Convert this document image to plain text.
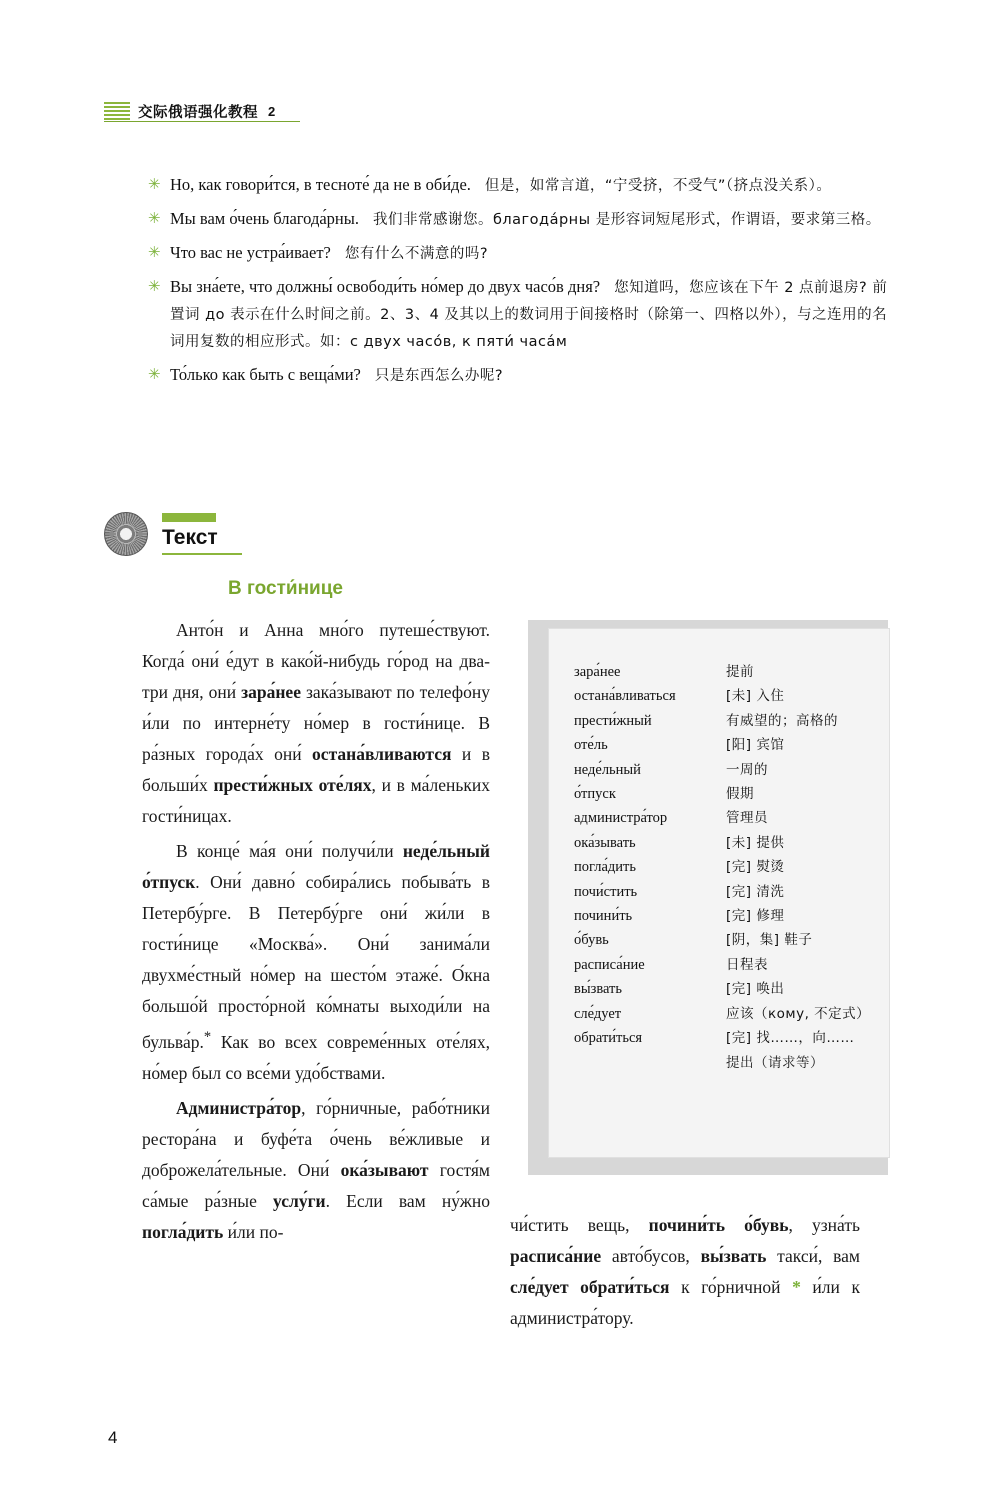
交际俄语强化教程 2
✳ Но, как говори́тся, в тесноте́ да не в оби́де. 但是，如常言道，“宁受挤，不受气”（挤点没关系）。
✳ Мы вам о́чень благода́рны. 我们非常感谢您。благода́рны 是形容词短尾形式，作谓语，要求第三格。
✳ Что вас не устра́ивает? 您有什么不满意的吗?
✳ Вы зна́ете, что должны́ освободи́ть но́мер до двух часо́в дня? 您知道吗，您应该在下午 2 点前退房? 前置词 до 表示在什么时间之前。2、3、4 及其以上的数词用于间接格时（除第一、四格以外），与之连用的名词用复数的相应形式。如：с двух часо́в, к пяти́ часа́м
✳ То́лько как быть с веща́ми? 只是东西怎么办呢?
Текст
В гости́нице

Анто́н и Анна мно́го путеше́ствуют. Когда́ они́ е́дут в како́й-нибудь го́род на два-три дня, они́ зара́нее зака́зывают по телефо́ну и́ли по интерне́ту но́мер в гости́нице. В ра́зных города́х они́ остана́вливаются и в больши́х прести́жных оте́лях, и в ма́леньких гости́ницах.

В конце́ ма́я они́ получи́ли неде́льный о́тпуск. Они́ давно́ собира́лись побыва́ть в Петербу́рге. В Петербу́рге они́ жи́ли в гости́нице «Москва́». Они́ занима́ли двухме́стный но́мер на шесто́м этаже́. О́кна большо́й просто́рной ко́мнаты выходи́ли на бульва́р.* Как во всех совреме́нных оте́лях, но́мер был со все́ми удо́бствами.

Администра́тор, го́рничные, рабо́тники рестора́на и буфе́та о́чень ве́жливые и доброжела́тельные. Они́ ока́зывают гостя́м са́мые ра́зные услу́ги. Если вам ну́жно погла́дить и́ли по-	чи́стить вещь, почини́ть о́бувь, узна́ть расписа́ние авто́бусов, вы́звать такси́, вам сле́дует обрати́ться к го́рничной * и́ли к администра́тору.

зара́нее	提前
остана́вливаться	[未] 入住
прести́жный	有威望的；高格的
оте́ль	[阳] 宾馆
неде́льный	一周的
о́тпуск	假期
администра́тор	管理员
ока́зывать	[未] 提供
погла́дить	[完] 熨烫
почи́стить	[完] 清洗
почини́ть	[完] 修理
о́бувь	[阴，集] 鞋子
расписа́ние	日程表
вы́звать	[完] 唤出
сле́дует	应该（кому, 不定式）
обрати́ться	[完] 找……，向……
提出（请求等）
4
